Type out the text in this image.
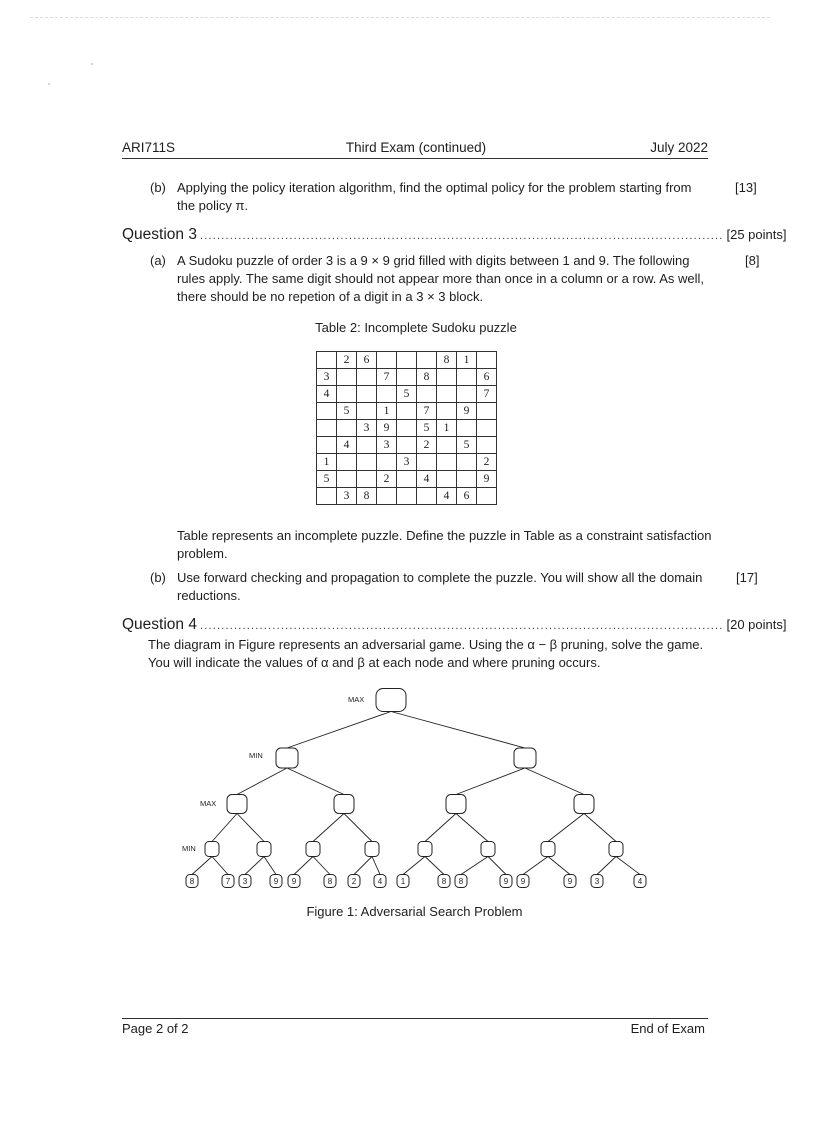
ARI711S	Third Exam (continued)	July 2022
(b) Applying the policy iteration algorithm, find the optimal policy for the problem starting from the policy π.
[13]
Question 3 ........................................................................................................................... [25 points]
(a) A Sudoku puzzle of order 3 is a 9 × 9 grid filled with digits between 1 and 9. The following rules apply. The same digit should not appear more than once in a column or a row. As well, there should be no repetion of a digit in a 3 × 3 block.
[8]
Table 2: Incomplete Sudoku puzzle
	2	6				8	1	
3			7		8			6
4				5				7
	5		1		7		9	
		3	9		5	1		
	4		3		2		5	
1				3				2
5			2		4			9
	3	8				4	6	
Table represents an incomplete puzzle. Define the puzzle in Table as a constraint satisfaction problem.
(b) Use forward checking and propagation to complete the puzzle. You will show all the domain reductions.
[17]
Question 4 ........................................................................................................................... [20 points]
The diagram in Figure represents an adversarial game. Using the α − β pruning, solve the game. You will indicate the values of α and β at each node and where pruning occurs.
8	7 3	9 9	8 2	4 1	8 8	9 9	9	3	4
MAX
MIN
MAX
MIN
Figure 1: Adversarial Search Problem
Page 2 of 2	End of Exam
